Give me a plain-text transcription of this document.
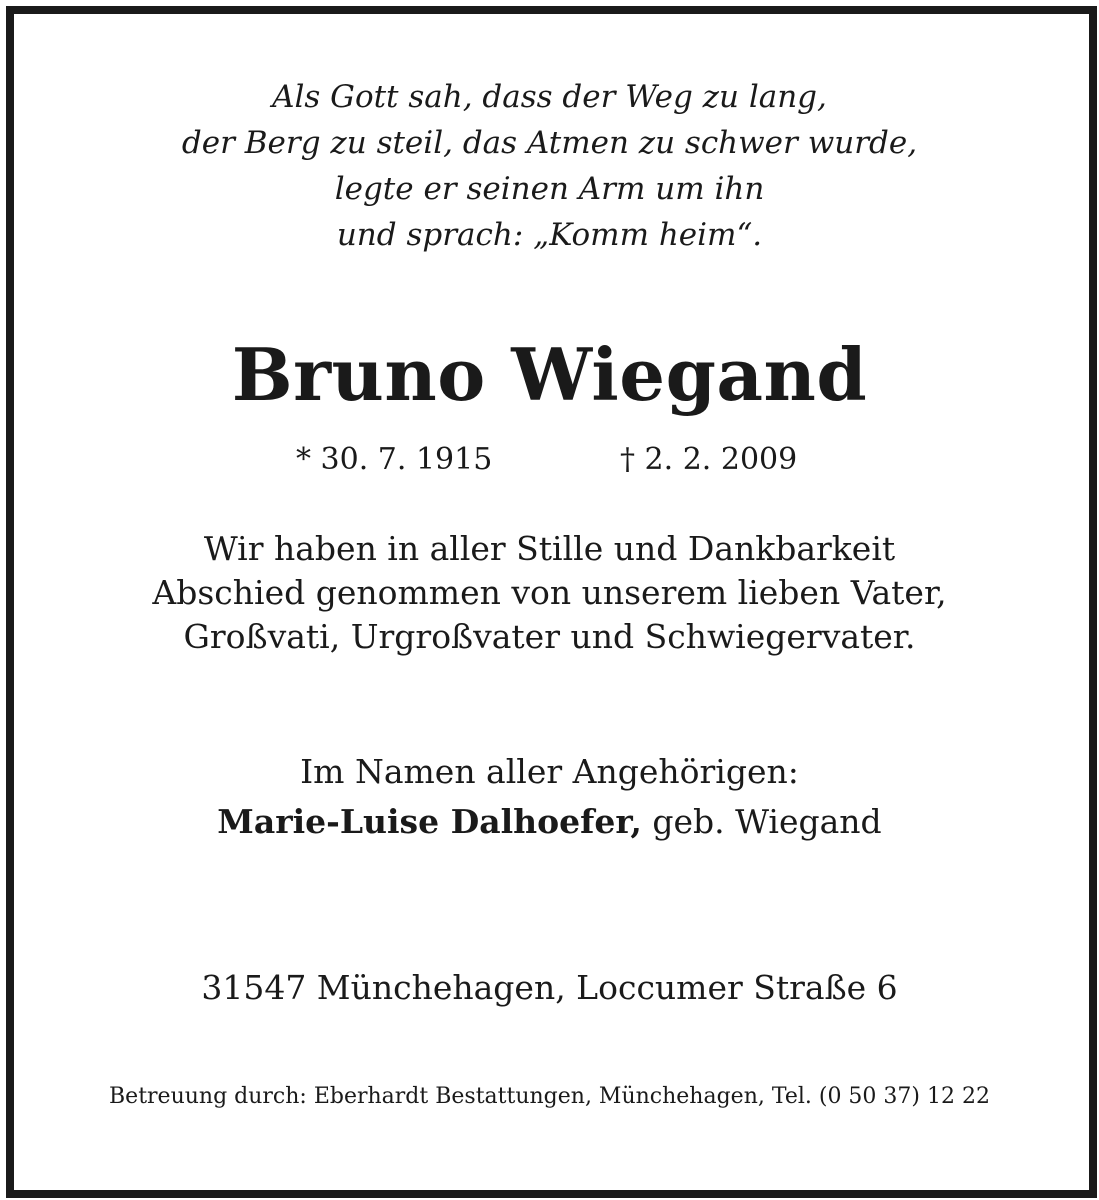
Als Gott sah, dass der Weg zu lang,
der Berg zu steil, das Atmen zu schwer wurde,
legte er seinen Arm um ihn
und sprach: „Komm heim“.
Bruno Wiegand
* 30. 7. 1915	† 2. 2. 2009
Wir haben in aller Stille und Dankbarkeit
Abschied genommen von unserem lieben Vater,
Großvati, Urgroßvater und Schwiegervater.
Im Namen aller Angehörigen:
Marie-Luise Dalhoefer, geb. Wiegand
31547 Münchehagen, Loccumer Straße 6
Betreuung durch: Eberhardt Bestattungen, Münchehagen, Tel. (0 50 37) 12 22
